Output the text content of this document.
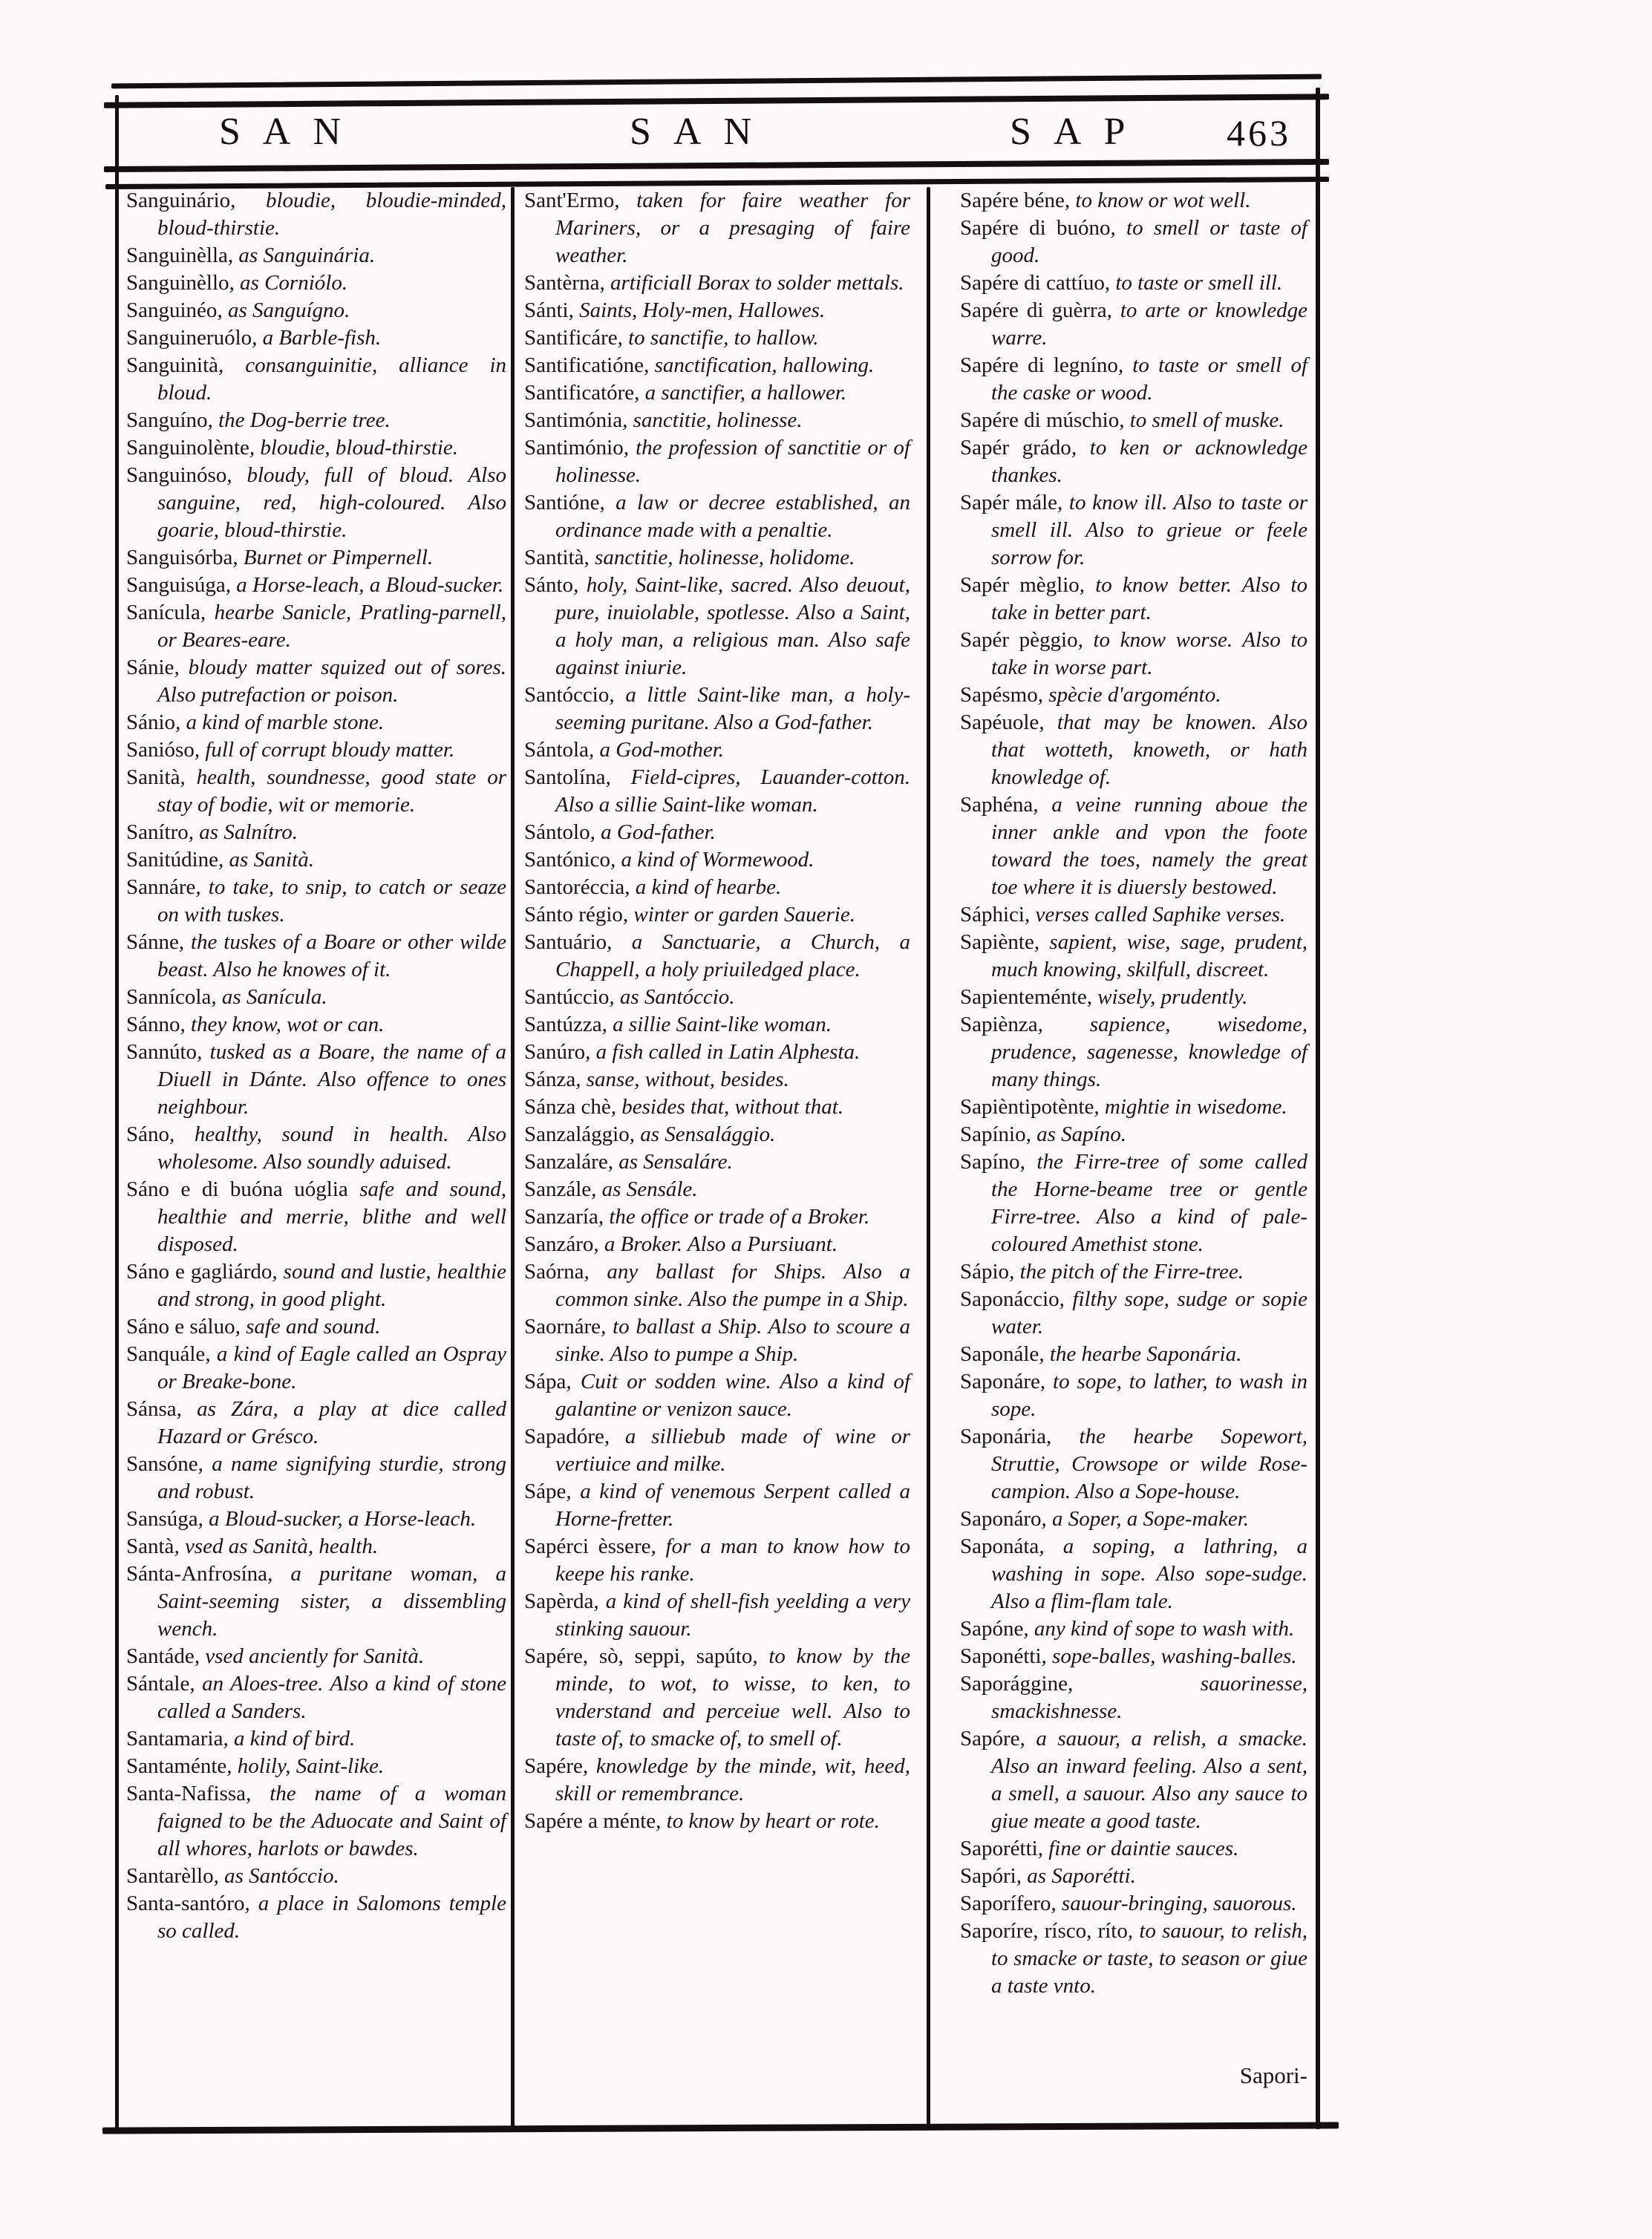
SAN	SAN	SAP 463
Sanguinário, bloudie, bloudie-minded, bloud-thirstie.
Sanguinèlla, as Sanguinária.
Sanguinèllo, as Corniólo.
Sanguinéo, as Sanguígno.
Sanguineruólo, a Barble-fish.
Sanguinità, consanguinitie, alliance in bloud.
Sanguíno, the Dog-berrie tree.
Sanguinolènte, bloudie, bloud-thirstie.
Sanguinóso, bloudy, full of bloud. Also sanguine, red, high-coloured. Also goarie, bloud-thirstie.
Sanguisórba, Burnet or Pimpernell.
Sanguisúga, a Horse-leach, a Bloud-sucker.
Sanícula, hearbe Sanicle, Pratling-parnell, or Beares-eare.
Sánie, bloudy matter squized out of sores. Also putrefaction or poison.
Sánio, a kind of marble stone.
Sanióso, full of corrupt bloudy matter.
Sanità, health, soundnesse, good state or stay of bodie, wit or memorie.
Sanítro, as Salnítro.
Sanitúdine, as Sanità.
Sannáre, to take, to snip, to catch or seaze on with tuskes.
Sánne, the tuskes of a Boare or other wilde beast. Also he knowes of it.
Sannícola, as Sanícula.
Sánno, they know, wot or can.
Sannúto, tusked as a Boare, the name of a Diuell in Dánte. Also offence to ones neighbour.
Sáno, healthy, sound in health. Also wholesome. Also soundly aduised.
Sáno e di buóna uóglia safe and sound, healthie and merrie, blithe and well disposed.
Sáno e gagliárdo, sound and lustie, healthie and strong, in good plight.
Sáno e sáluo, safe and sound.
Sanquále, a kind of Eagle called an Ospray or Breake-bone.
Sánsa, as Zára, a play at dice called Hazard or Grésco.
Sansóne, a name signifying sturdie, strong and robust.
Sansúga, a Bloud-sucker, a Horse-leach.
Santà, vsed as Sanità, health.
Sánta-Anfrosína, a puritane woman, a Saint-seeming sister, a dissembling wench.
Santáde, vsed anciently for Sanità.
Sántale, an Aloes-tree. Also a kind of stone called a Sanders.
Santamaria, a kind of bird.
Santaménte, holily, Saint-like.
Santa-Nafissa, the name of a woman faigned to be the Aduocate and Saint of all whores, harlots or bawdes.
Santarèllo, as Santóccio.
Santa-santóro, a place in Salomons temple so called.
Sant'Ermo, taken for faire weather for Mariners, or a presaging of faire weather.
Santèrna, artificiall Borax to solder mettals.
Sánti, Saints, Holy-men, Hallowes.
Santificáre, to sanctifie, to hallow.
Santificatióne, sanctification, hallowing.
Santificatóre, a sanctifier, a hallower.
Santimónia, sanctitie, holinesse.
Santimónio, the profession of sanctitie or of holinesse.
Santióne, a law or decree established, an ordinance made with a penaltie.
Santità, sanctitie, holinesse, holidome.
Sánto, holy, Saint-like, sacred. Also deuout, pure, inuiolable, spotlesse. Also a Saint, a holy man, a religious man. Also safe against iniurie.
Santóccio, a little Saint-like man, a holy-seeming puritane. Also a God-father.
Sántola, a God-mother.
Santolína, Field-cipres, Lauander-cotton. Also a sillie Saint-like woman.
Sántolo, a God-father.
Santónico, a kind of Wormewood.
Santoréccia, a kind of hearbe.
Sánto régio, winter or garden Sauerie.
Santuário, a Sanctuarie, a Church, a Chappell, a holy priuiledged place.
Santúccio, as Santóccio.
Santúzza, a sillie Saint-like woman.
Sanúro, a fish called in Latin Alphesta.
Sánza, sanse, without, besides.
Sánza chè, besides that, without that.
Sanzalággio, as Sensalággio.
Sanzaláre, as Sensaláre.
Sanzále, as Sensále.
Sanzaría, the office or trade of a Broker.
Sanzáro, a Broker. Also a Pursiuant.
Saórna, any ballast for Ships. Also a common sinke. Also the pumpe in a Ship.
Saornáre, to ballast a Ship. Also to scoure a sinke. Also to pumpe a Ship.
Sápa, Cuit or sodden wine. Also a kind of galantine or venizon sauce.
Sapadóre, a silliebub made of wine or vertiuice and milke.
Sápe, a kind of venemous Serpent called a Horne-fretter.
Sapérci èssere, for a man to know how to keepe his ranke.
Sapèrda, a kind of shell-fish yeelding a very stinking sauour.
Sapére, sò, seppi, sapúto, to know by the minde, to wot, to wisse, to ken, to vnderstand and perceiue well. Also to taste of, to smacke of, to smell of.
Sapére, knowledge by the minde, wit, heed, skill or remembrance.
Sapére a ménte, to know by heart or rote.
Sapére béne, to know or wot well.
Sapére di buóno, to smell or taste of good.
Sapére di cattíuo, to taste or smell ill.
Sapére di guèrra, to arte or knowledge warre.
Sapére di legníno, to taste or smell of the caske or wood.
Sapére di múschio, to smell of muske.
Sapér grádo, to ken or acknowledge thankes.
Sapér mále, to know ill. Also to taste or smell ill. Also to grieue or feele sorrow for.
Sapér mèglio, to know better. Also to take in better part.
Sapér pèggio, to know worse. Also to take in worse part.
Sapésmo, spècie d'argoménto.
Sapéuole, that may be knowen. Also that wotteth, knoweth, or hath knowledge of.
Saphéna, a veine running aboue the inner ankle and vpon the foote toward the toes, namely the great toe where it is diuersly bestowed.
Sáphici, verses called Saphike verses.
Sapiènte, sapient, wise, sage, prudent, much knowing, skilfull, discreet.
Sapienteménte, wisely, prudently.
Sapiènza, sapience, wisedome, prudence, sagenesse, knowledge of many things.
Sapièntipotènte, mightie in wisedome.
Sapínio, as Sapíno.
Sapíno, the Firre-tree of some called the Horne-beame tree or gentle Firre-tree. Also a kind of pale-coloured Amethist stone.
Sápio, the pitch of the Firre-tree.
Saponáccio, filthy sope, sudge or sopie water.
Saponále, the hearbe Saponária.
Saponáre, to sope, to lather, to wash in sope.
Saponária, the hearbe Sopewort, Struttie, Crowsope or wilde Rose-campion. Also a Sope-house.
Saponáro, a Soper, a Sope-maker.
Saponáta, a soping, a lathring, a washing in sope. Also sope-sudge. Also a flim-flam tale.
Sapóne, any kind of sope to wash with.
Saponétti, sope-balles, washing-balles.
Saporággine, sauorinesse, smackishnesse.
Sapóre, a sauour, a relish, a smacke. Also an inward feeling. Also a sent, a smell, a sauour. Also any sauce to giue meate a good taste.
Saporétti, fine or daintie sauces.
Sapóri, as Saporétti.
Saporífero, sauour-bringing, sauorous.
Saporíre, rísco, ríto, to sauour, to relish, to smacke or taste, to season or giue a taste vnto.
Sapori-
